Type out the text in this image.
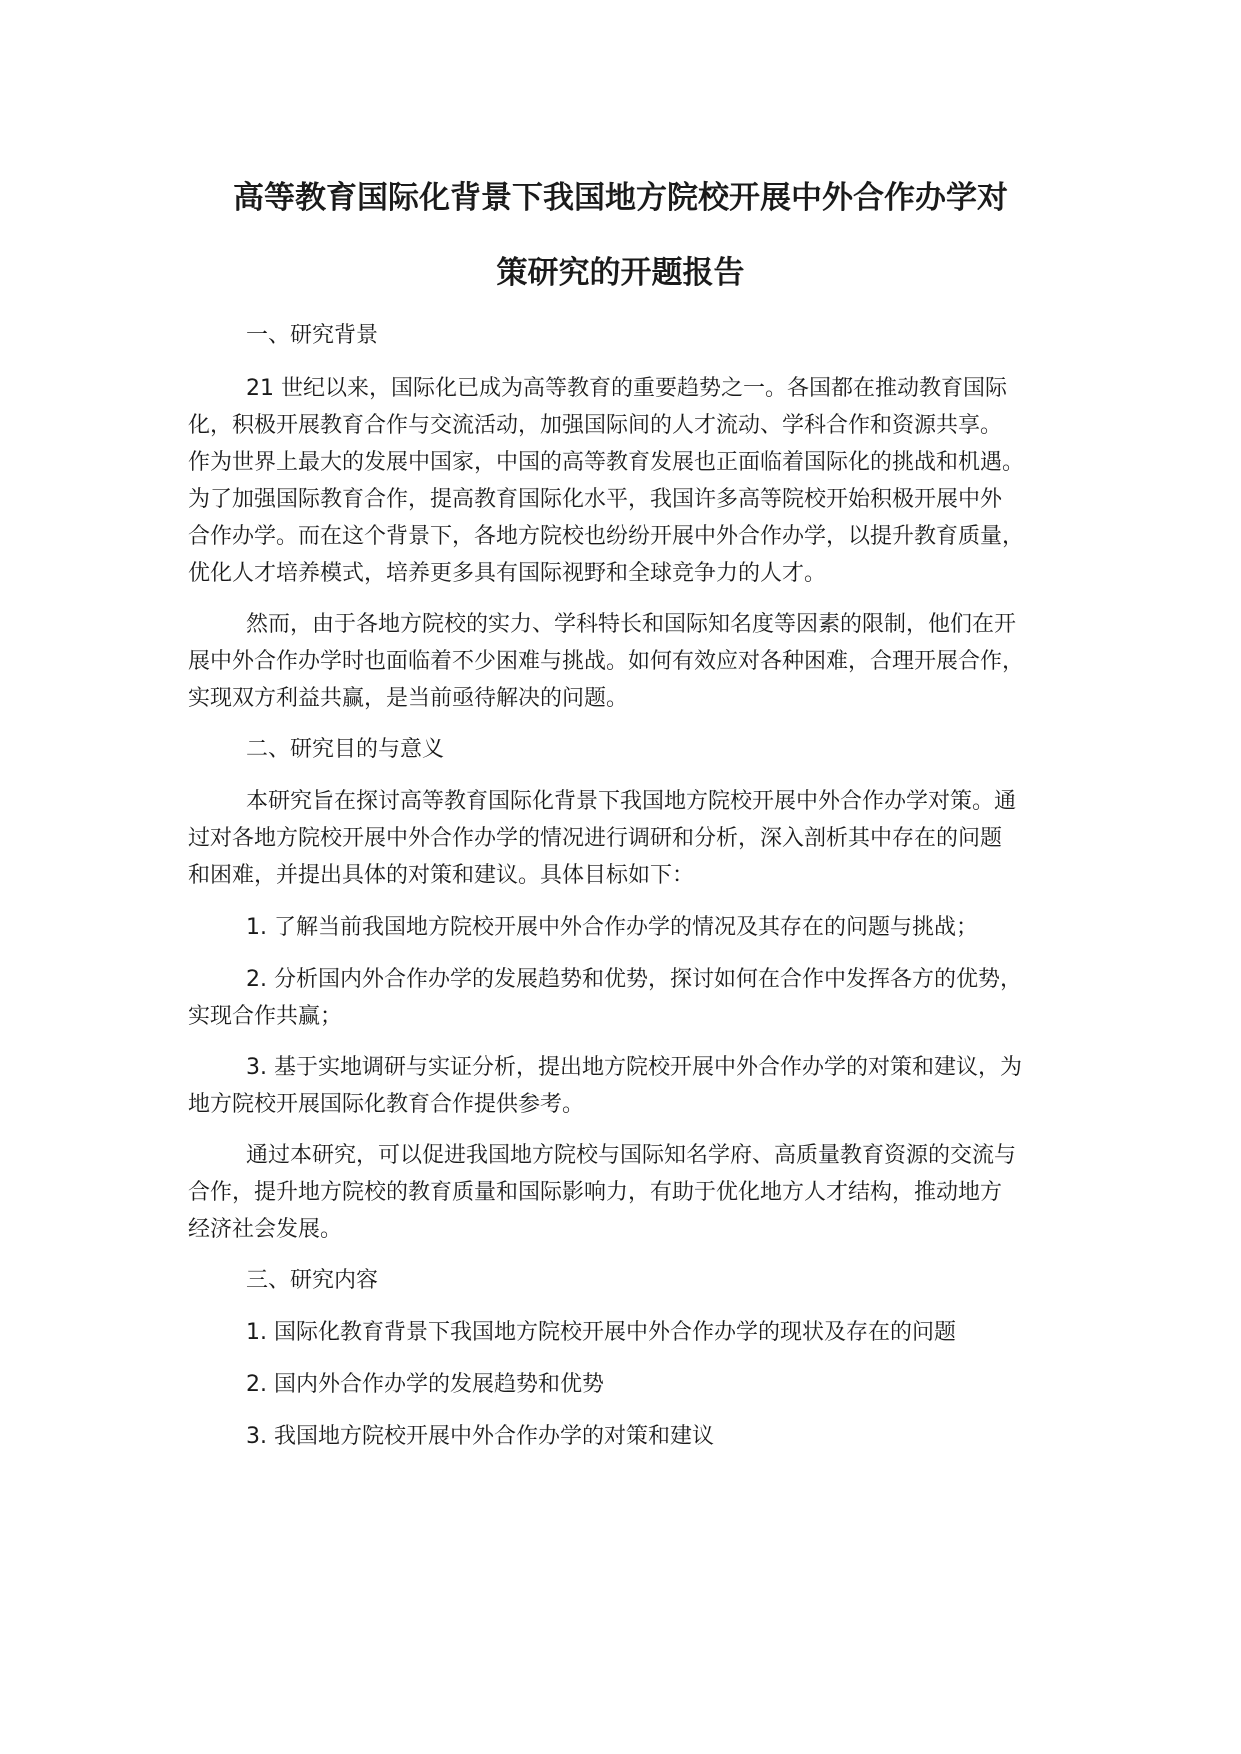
高等教育国际化背景下我国地方院校开展中外合作办学对
策研究的开题报告
一、研究背景
21 世纪以来，国际化已成为高等教育的重要趋势之一。各国都在推动教育国际
化，积极开展教育合作与交流活动，加强国际间的人才流动、学科合作和资源共享。
作为世界上最大的发展中国家，中国的高等教育发展也正面临着国际化的挑战和机遇。
为了加强国际教育合作，提高教育国际化水平，我国许多高等院校开始积极开展中外
合作办学。而在这个背景下，各地方院校也纷纷开展中外合作办学，以提升教育质量，
优化人才培养模式，培养更多具有国际视野和全球竞争力的人才。
然而，由于各地方院校的实力、学科特长和国际知名度等因素的限制，他们在开
展中外合作办学时也面临着不少困难与挑战。如何有效应对各种困难，合理开展合作，
实现双方利益共赢，是当前亟待解决的问题。
二、研究目的与意义
本研究旨在探讨高等教育国际化背景下我国地方院校开展中外合作办学对策。通
过对各地方院校开展中外合作办学的情况进行调研和分析，深入剖析其中存在的问题
和困难，并提出具体的对策和建议。具体目标如下：
1. 了解当前我国地方院校开展中外合作办学的情况及其存在的问题与挑战；
2. 分析国内外合作办学的发展趋势和优势，探讨如何在合作中发挥各方的优势，
实现合作共赢；
3. 基于实地调研与实证分析，提出地方院校开展中外合作办学的对策和建议，为
地方院校开展国际化教育合作提供参考。
通过本研究，可以促进我国地方院校与国际知名学府、高质量教育资源的交流与
合作，提升地方院校的教育质量和国际影响力，有助于优化地方人才结构，推动地方
经济社会发展。
三、研究内容
1. 国际化教育背景下我国地方院校开展中外合作办学的现状及存在的问题
2. 国内外合作办学的发展趋势和优势
3. 我国地方院校开展中外合作办学的对策和建议
